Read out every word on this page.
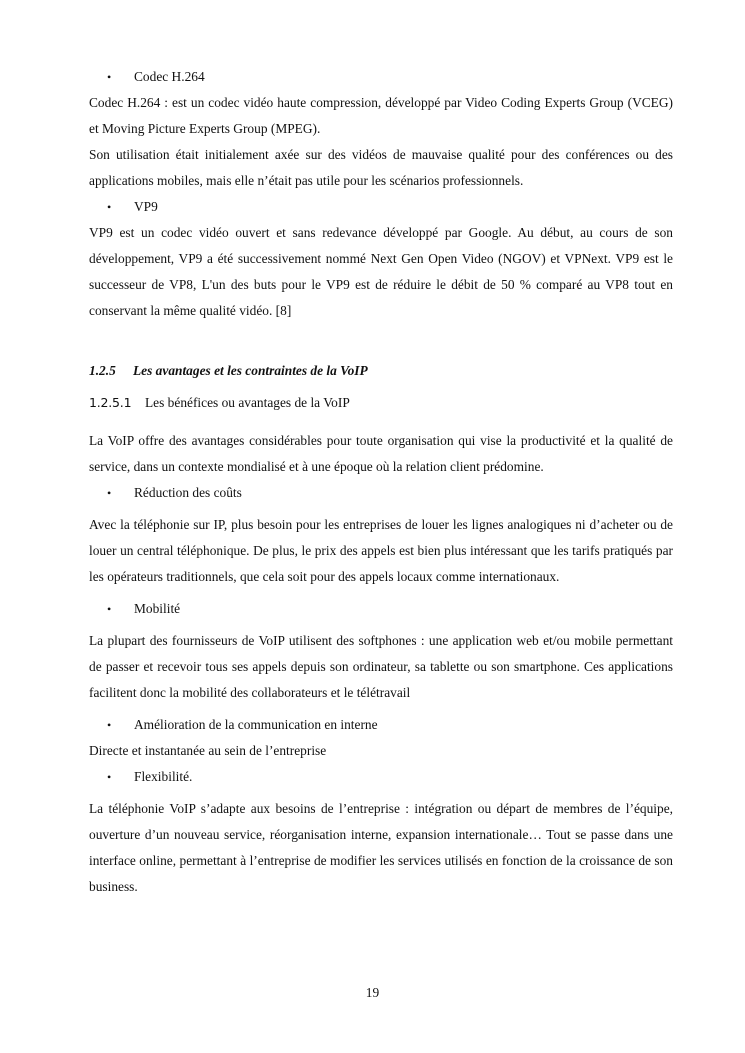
•	Codec H.264

Codec H.264 : est un codec vidéo haute compression, développé par Video Coding Experts Group (VCEG) et Moving Picture Experts Group (MPEG).

Son utilisation était initialement axée sur des vidéos de mauvaise qualité pour des conférences ou des applications mobiles, mais elle n’était pas utile pour les scénarios professionnels.

•	VP9

VP9 est un codec vidéo ouvert et sans redevance développé par Google. Au début, au cours de son développement, VP9 a été successivement nommé Next Gen Open Video (NGOV) et VPNext. VP9 est le successeur de VP8, L'un des buts pour le VP9 est de réduire le débit de 50 % comparé au VP8 tout en conservant la même qualité vidéo. [8]

1.2.5	Les avantages et les contraintes de la VoIP

1.2.5.1	Les bénéfices ou avantages de la VoIP

La VoIP offre des avantages considérables pour toute organisation qui vise la productivité et la qualité de service, dans un contexte mondialisé et à une époque où la relation client prédomine.

•	Réduction des coûts

Avec la téléphonie sur IP, plus besoin pour les entreprises de louer les lignes analogiques ni d’acheter ou de louer un central téléphonique. De plus, le prix des appels est bien plus intéressant que les tarifs pratiqués par les opérateurs traditionnels, que cela soit pour des appels locaux comme internationaux.

•	Mobilité

La plupart des fournisseurs de VoIP utilisent des softphones : une application web et/ou mobile permettant de passer et recevoir tous ses appels depuis son ordinateur, sa tablette ou son smartphone. Ces applications facilitent donc la mobilité des collaborateurs et le télétravail

•	Amélioration de la communication en interne

Directe et instantanée au sein de l’entreprise

•	Flexibilité.

La téléphonie VoIP s’adapte aux besoins de l’entreprise : intégration ou départ de membres de l’équipe, ouverture d’un nouveau service, réorganisation interne, expansion internationale… Tout se passe dans une interface online, permettant à l’entreprise de modifier les services utilisés en fonction de la croissance de son business.

19
